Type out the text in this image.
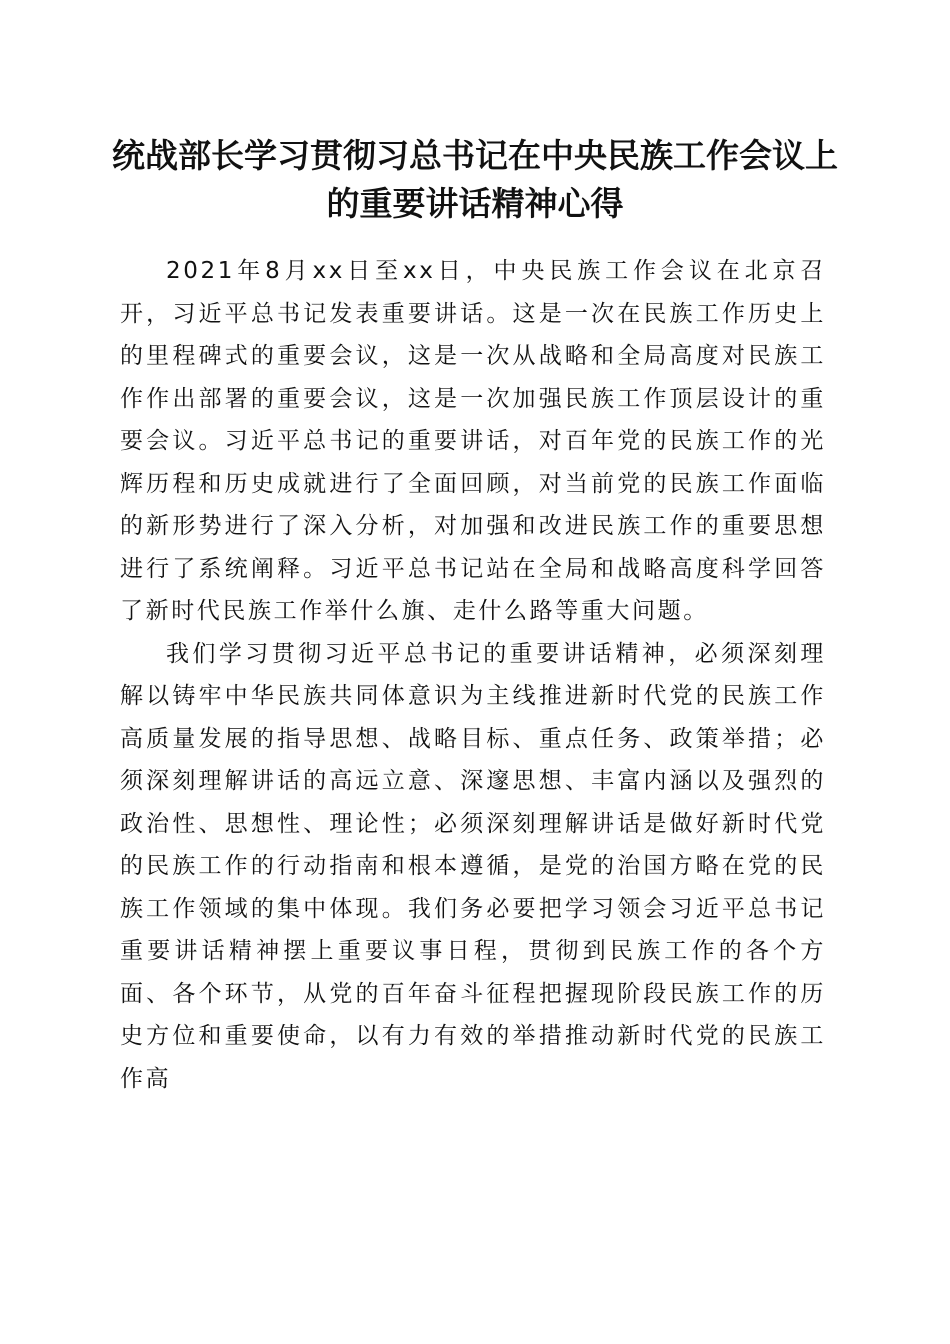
统战部长学习贯彻习总书记在中央民族工作会议上的重要讲话精神心得

2021年8月xx日至xx日，中央民族工作会议在北京召开，习近平总书记发表重要讲话。这是一次在民族工作历史上的里程碑式的重要会议，这是一次从战略和全局高度对民族工作作出部署的重要会议，这是一次加强民族工作顶层设计的重要会议。习近平总书记的重要讲话，对百年党的民族工作的光辉历程和历史成就进行了全面回顾，对当前党的民族工作面临的新形势进行了深入分析，对加强和改进民族工作的重要思想进行了系统阐释。习近平总书记站在全局和战略高度科学回答了新时代民族工作举什么旗、走什么路等重大问题。

我们学习贯彻习近平总书记的重要讲话精神，必须深刻理解以铸牢中华民族共同体意识为主线推进新时代党的民族工作高质量发展的指导思想、战略目标、重点任务、政策举措；必须深刻理解讲话的高远立意、深邃思想、丰富内涵以及强烈的政治性、思想性、理论性；必须深刻理解讲话是做好新时代党的民族工作的行动指南和根本遵循，是党的治国方略在党的民族工作领域的集中体现。我们务必要把学习领会习近平总书记重要讲话精神摆上重要议事日程，贯彻到民族工作的各个方面、各个环节，从党的百年奋斗征程把握现阶段民族工作的历史方位和重要使命，以有力有效的举措推动新时代党的民族工作高
